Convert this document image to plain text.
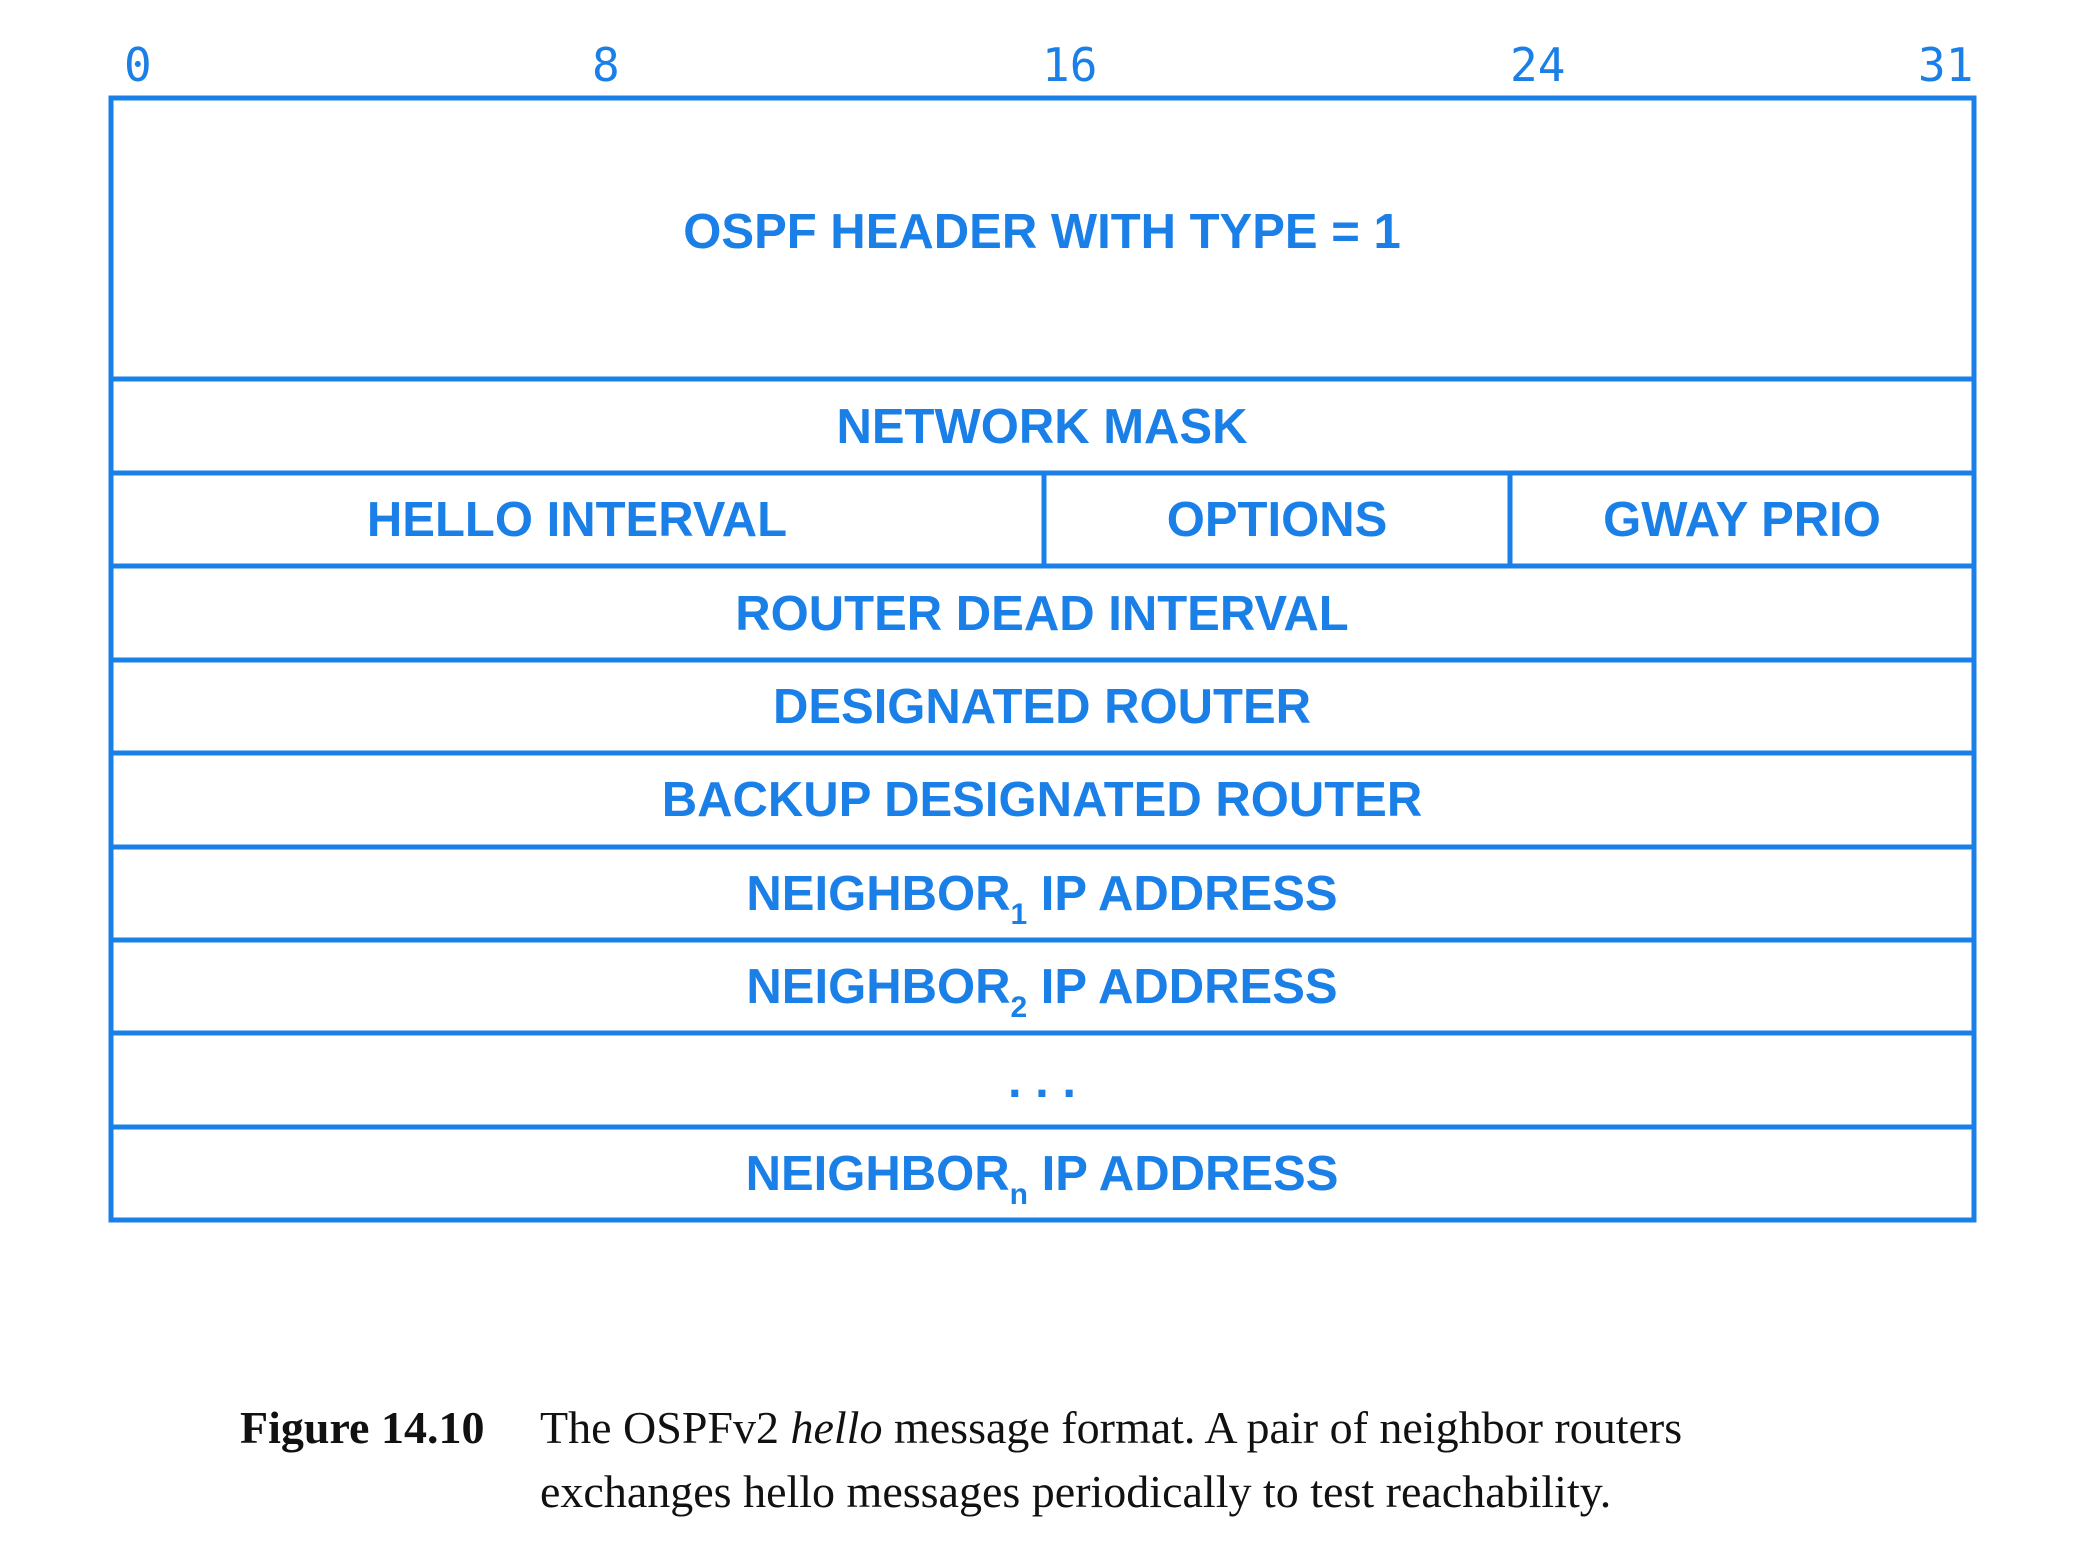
0	8	16	24	31
OSPF HEADER WITH TYPE = 1
NETWORK MASK
HELLO INTERVAL	OPTIONS	GWAY PRIO
ROUTER DEAD INTERVAL
DESIGNATED ROUTER
BACKUP DESIGNATED ROUTER
$NEIGHBOR_1$ IP ADDRESS
$NEIGHBOR_2$ IP ADDRESS
. . .
$NEIGHBOR_n$ IP ADDRESS
Figure 14.10 The OSPFv2 hello message format. A pair of neighbor routers exchanges hello messages periodically to test reachability.
